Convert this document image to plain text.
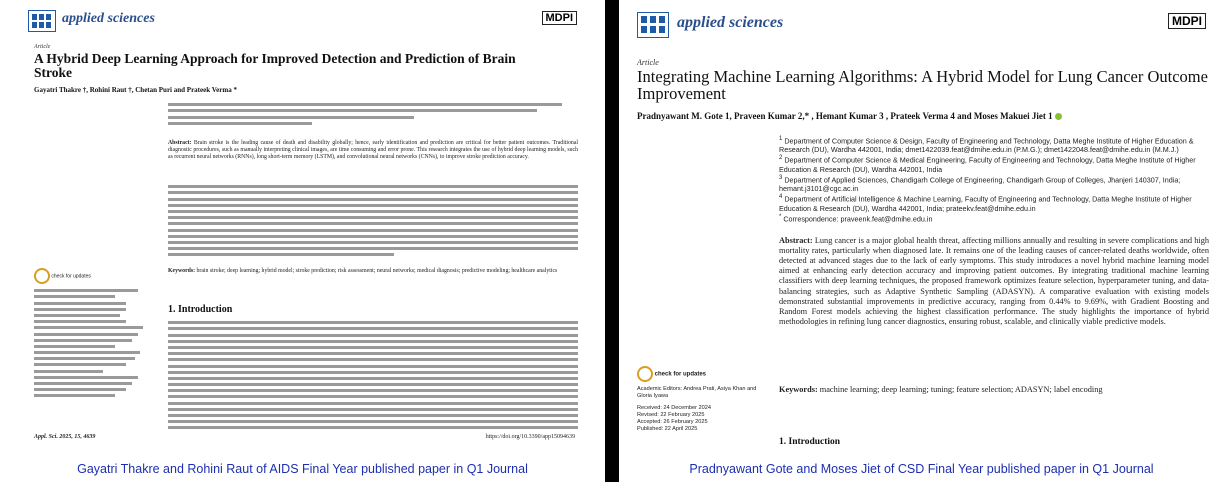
applied sciences	MDPI
Article
A Hybrid Deep Learning Approach for Improved Detection and Prediction of Brain Stroke
Gayatri Thakre †, Rohini Raut †, Chetan Puri and Prateek Verma *
Abstract: Brain stroke is the leading cause of death and disability globally; hence, early identification and prediction are critical for better patient outcomes. Traditional diagnostic procedures, such as manually interpreting clinical images, are time consuming and error prone. This research integrates the use of hybrid deep learning models, such as recurrent neural networks (RNNs), long short-term memory (LSTM), and convolutional neural networks (CNNs), to improve stroke prediction accuracy.
Keywords: brain stroke; deep learning; hybrid model; stroke prediction; risk assessment; neural networks; medical diagnosis; predictive modeling; healthcare analytics
check for updates
1. Introduction
Appl. Sci. 2025, 15, 4639	https://doi.org/10.3390/app15094639
Gayatri Thakre and Rohini Raut of AIDS Final Year published paper in Q1 Journal
applied sciences	MDPI
Article
Integrating Machine Learning Algorithms: A Hybrid Model for Lung Cancer Outcome Improvement
Pradnyawant M. Gote 1, Praveen Kumar 2,* , Hemant Kumar 3 , Prateek Verma 4 and Moses Makuei Jiet 1
$^1$ Department of Computer Science & Design, Faculty of Engineering and Technology, Datta Meghe Institute of Higher Education & Research (DU), Wardha 442001, India; dmet1422039.feat@dmihe.edu.in (P.M.G.); dmet1422048.feat@dmihe.edu.in (M.M.J.)
$^2$ Department of Computer Science & Medical Engineering, Faculty of Engineering and Technology, Datta Meghe Institute of Higher Education & Research (DU), Wardha 442001, India
$^3$ Department of Applied Sciences, Chandigarh College of Engineering, Chandigarh Group of Colleges, Jhanjeri 140307, India; hemant.j3101@cgc.ac.in
$^4$ Department of Artificial Intelligence & Machine Learning, Faculty of Engineering and Technology, Datta Meghe Institute of Higher Education & Research (DU), Wardha 442001, India; prateekv.feat@dmihe.edu.in
* Correspondence: praveenk.feat@dmihe.edu.in
Abstract: Lung cancer is a major global health threat, affecting millions annually and resulting in severe complications and high mortality rates, particularly when diagnosed late. It remains one of the leading causes of cancer-related deaths worldwide, often detected at advanced stages due to the lack of early symptoms. This study introduces a novel hybrid machine learning model aimed at enhancing early detection accuracy and improving patient outcomes. By integrating traditional machine learning classifiers with deep learning techniques, the proposed framework optimizes feature selection, hyperparameter tuning, and data-balancing strategies, such as Adaptive Synthetic Sampling (ADASYN). A comparative evaluation with existing models demonstrated substantial improvements in predictive accuracy, ranging from 0.44% to 9.69%, with Gradient Boosting and Random Forest models achieving the highest classification performance. The study highlights the importance of hybrid methodologies in refining lung cancer diagnostics, ensuring robust, scalable, and clinically viable predictive models.
Keywords: machine learning; deep learning; tuning; feature selection; ADASYN; label encoding
check for updates
Academic Editors: Andrea Prati, Asiya Khan and Gloria Iyawa
Received: 24 December 2024
Revised: 22 February 2025
Accepted: 26 February 2025
Published: 22 April 2025
1. Introduction
Pradnyawant Gote and Moses Jiet of CSD Final Year published paper in Q1 Journal
